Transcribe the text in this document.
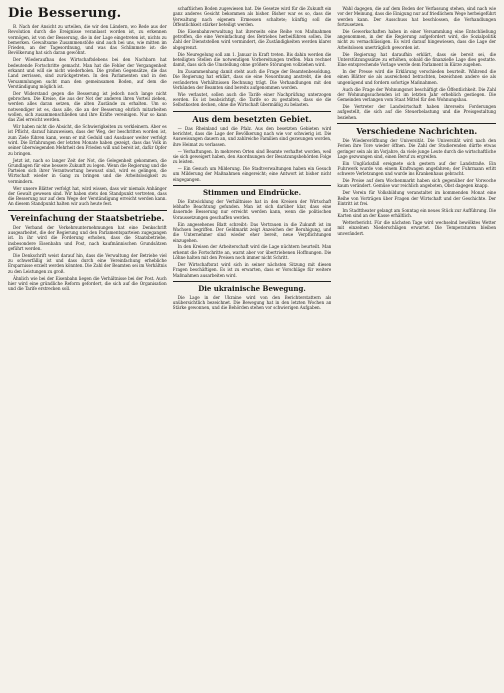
Die Besserung.

B. Nach der Ansicht zu urteilen, die wir den Ländern, wo Rede aus der Revolution durch die Ereignisse veranlasst worden ist, zu erkennen vermögen, ist von der Besserung, die in der Lage eingetreten ist, nichts zu bemerken. Gewaltsame Zusammenstöße sind auch bei uns, wie mitten im Frieden, an der Tagesordnung, und was das Schlimmste ist: die Bevölkerung hat sich daran gewöhnt.

Der Wiederaufbau des Wirtschaftslebens bei den Nachbarn hat bedeutende Fortschritte gemacht. Man hat die Fehler der Vergangenheit erkannt und will sie nicht wiederholen. Die großen Gegensätze, die das Land zerrissen, sind zurückgetreten. In den Parlamenten und in den Versammlungen sucht man den gemeinsamen Boden, auf dem die Verständigung möglich ist.

Der Widerstand gegen die Besserung ist jedoch noch lange nicht gebrochen. Die Kreise, die aus der Not der anderen ihren Vorteil ziehen, werden alles daran setzen, die alten Zustände zu erhalten. Um so notwendiger ist es, dass alle, die an der Besserung ehrlich mitarbeiten wollen, sich zusammenschließen und ihre Kräfte vereinigen. Nur so kann das Ziel erreicht werden.

Wir haben nicht die Absicht, die Schwierigkeiten zu verkleinern. Aber es ist Pflicht, darauf hinzuweisen, dass der Weg, der beschritten worden ist, zum Ziele führen kann, wenn er mit Geduld und Ausdauer weiter verfolgt wird. Die Erfahrungen der letzten Monate haben gezeigt, dass das Volk in seiner überwiegenden Mehrheit den Frieden will und bereit ist, dafür Opfer zu bringen.

Jetzt ist, nach so langer Zeit der Not, die Gelegenheit gekommen, die Grundlagen für eine bessere Zukunft zu legen. Wenn die Regierung und die Parteien sich ihrer Verantwortung bewusst sind, wird es gelingen, die Wirtschaft wieder in Gang zu bringen und die Arbeitslosigkeit zu vermindern.

Wer unsere Blätter verfolgt hat, wird wissen, dass wir niemals Anhänger der Gewalt gewesen sind. Wir haben stets den Standpunkt vertreten, dass die Besserung nur auf dem Wege der Verständigung erreicht werden kann. An diesem Standpunkt halten wir auch heute fest.

Vereinfachung der Staatsbetriebe.

Der Verband der Verkehrsunternehmungen hat eine Denkschrift ausgearbeitet, die der Regierung und den Parlamentsparteien zugegangen ist. In ihr wird die Forderung erhoben, dass die Staatsbetriebe, insbesondere Eisenbahn und Post, nach kaufmännischen Grundsätzen geführt werden.

Die Denkschrift weist darauf hin, dass die Verwaltung der Betriebe viel zu schwerfällig ist und dass durch eine Vereinfachung erhebliche Ersparnisse erzielt werden könnten. Die Zahl der Beamten sei im Verhältnis zu den Leistungen zu groß.

Ähnlich wie bei der Eisenbahn liegen die Verhältnisse bei der Post. Auch hier wird eine gründliche Reform gefordert, die sich auf die Organisation und die Tarife erstrecken soll.

schaftlichen Boden zugewiesen hat. Die Gesetze wird für die Zukunft ein ganz anderes Gesicht bekommen als bisher. Bisher war es so, dass die Verwaltung nach eigenem Ermessen schaltete; künftig soll die Öffentlichkeit stärker beteiligt werden.

Die Eisenbahnverwaltung hat ihrerseits eine Reihe von Maßnahmen getroffen, die eine Vereinfachung des Betriebes herbeiführen sollen. Die Zahl der Dienststellen wird vermindert, die Zuständigkeiten werden klarer abgegrenzt.

Die Neuregelung soll am 1. Januar in Kraft treten. Bis dahin werden die beteiligten Stellen die notwendigen Vorbereitungen treffen. Man rechnet damit, dass sich die Umstellung ohne größere Störungen vollziehen wird.

Im Zusammenhang damit steht auch die Frage der Beamtenbesoldung. Die Regierung hat erklärt, dass sie eine Neuordnung anstrebt, die den veränderten Verhältnissen Rechnung trägt. Die Verhandlungen mit den Verbänden der Beamten sind bereits aufgenommen worden.

Wie verlautet, sollen auch die Tarife einer Nachprüfung unterzogen werden. Es ist beabsichtigt, die Tarife so zu gestalten, dass sie die Selbstkosten decken, ohne die Wirtschaft übermäßig zu belasten.

Aus dem besetzten Gebiet.

— Das Rheinland und die Pfalz. Aus den besetzten Gebieten wird berichtet, dass die Lage der Bevölkerung nach wie vor schwierig ist. Die Ausweisungen dauern an, und zahlreiche Familien sind gezwungen worden, ihre Heimat zu verlassen.

— Verhaftungen. In mehreren Orten sind Beamte verhaftet worden, weil sie sich geweigert haben, den Anordnungen der Besatzungsbehörden Folge zu leisten.

— Ein Gesuch um Milderung. Die Stadtverwaltungen haben ein Gesuch um Milderung der Maßnahmen eingereicht; eine Antwort ist bisher nicht eingegangen.

Stimmen und Eindrücke.

Die Entwicklung der Verhältnisse hat in den Kreisen der Wirtschaft lebhafte Beachtung gefunden. Man ist sich darüber klar, dass eine dauernde Besserung nur erreicht werden kann, wenn die politischen Voraussetzungen geschaffen werden.

Ein angesehenes Blatt schreibt: Das Vertrauen in die Zukunft ist im Wachsen begriffen. Der Geldmarkt zeigt Anzeichen der Beruhigung, und die Unternehmer sind wieder eher bereit, neue Verpflichtungen einzugehen.

In den Kreisen der Arbeiterschaft wird die Lage nüchtern beurteilt. Man erkennt die Fortschritte an, warnt aber vor übertriebenen Hoffnungen. Die Löhne halten mit den Preisen noch immer nicht Schritt.

Der Wirtschaftsrat wird sich in seiner nächsten Sitzung mit diesen Fragen beschäftigen. Es ist zu erwarten, dass er Vorschläge für weitere Maßnahmen ausarbeiten wird.

Die ukrainische Bewegung.

Die Lage in der Ukraine wird von den Berichterstattern als unübersichtlich bezeichnet. Die Bewegung hat in den letzten Wochen an Stärke gewonnen, und die Behörden stehen vor schwierigen Aufgaben.

Wahl dagegen, die auf dem Boden der Verfassung stehen, sind nach wie vor der Meinung, dass die Einigung nur auf friedlichem Wege herbeigeführt werden kann. Der Ausschuss hat beschlossen, die Verhandlungen fortzusetzen.

Die Gewerkschaften haben in einer Versammlung eine Entschließung angenommen, in der die Regierung aufgefordert wird, die Sozialpolitik nicht zu vernachlässigen. Es wird darauf hingewiesen, dass die Lage der Arbeitslosen unerträglich geworden ist.

Die Regierung hat daraufhin erklärt, dass sie bereit sei, die Unterstützungssätze zu erhöhen, sobald die finanzielle Lage dies gestatte. Eine entsprechende Vorlage werde dem Parlament in Kürze zugehen.

In der Presse wird die Erklärung verschieden beurteilt. Während die einen Blätter sie als ausreichend betrachten, bezeichnen andere sie als ungenügend und fordern sofortige Maßnahmen.

Auch die Frage der Wohnungsnot beschäftigt die Öffentlichkeit. Die Zahl der Wohnungssuchenden ist im letzten Jahr erheblich gestiegen. Die Gemeinden verlangen vom Staat Mittel für den Wohnungsbau.

Die Vertreter der Landwirtschaft haben ihrerseits Forderungen aufgestellt, die sich auf die Steuerbelastung und die Preisgestaltung beziehen.

Verschiedene Nachrichten.

Die Wiedereröffnung der Universität. Die Universität wird nach den Ferien ihre Tore wieder öffnen. Die Zahl der Studierenden dürfte etwas geringer sein als im Vorjahre, da viele junge Leute durch die wirtschaftliche Lage gezwungen sind, einen Beruf zu ergreifen.

Ein Unglücksfall ereignete sich gestern auf der Landstraße. Ein Fuhrwerk wurde von einem Kraftwagen angefahren; der Fuhrmann erlitt schwere Verletzungen und wurde ins Krankenhaus gebracht.

Die Preise auf dem Wochenmarkt haben sich gegenüber der Vorwoche kaum verändert. Gemüse war reichlich angeboten, Obst dagegen knapp.

Der Verein für Volksbildung veranstaltet im kommenden Monat eine Reihe von Vorträgen über Fragen der Wirtschaft und der Geschichte. Der Eintritt ist frei.

Im Stadttheater gelangt am Sonntag ein neues Stück zur Aufführung. Die Karten sind an der Kasse erhältlich.

Wetterbericht. Für die nächsten Tage wird wechselnd bewölktes Wetter mit einzelnen Niederschlägen erwartet. Die Temperaturen bleiben unverändert.
